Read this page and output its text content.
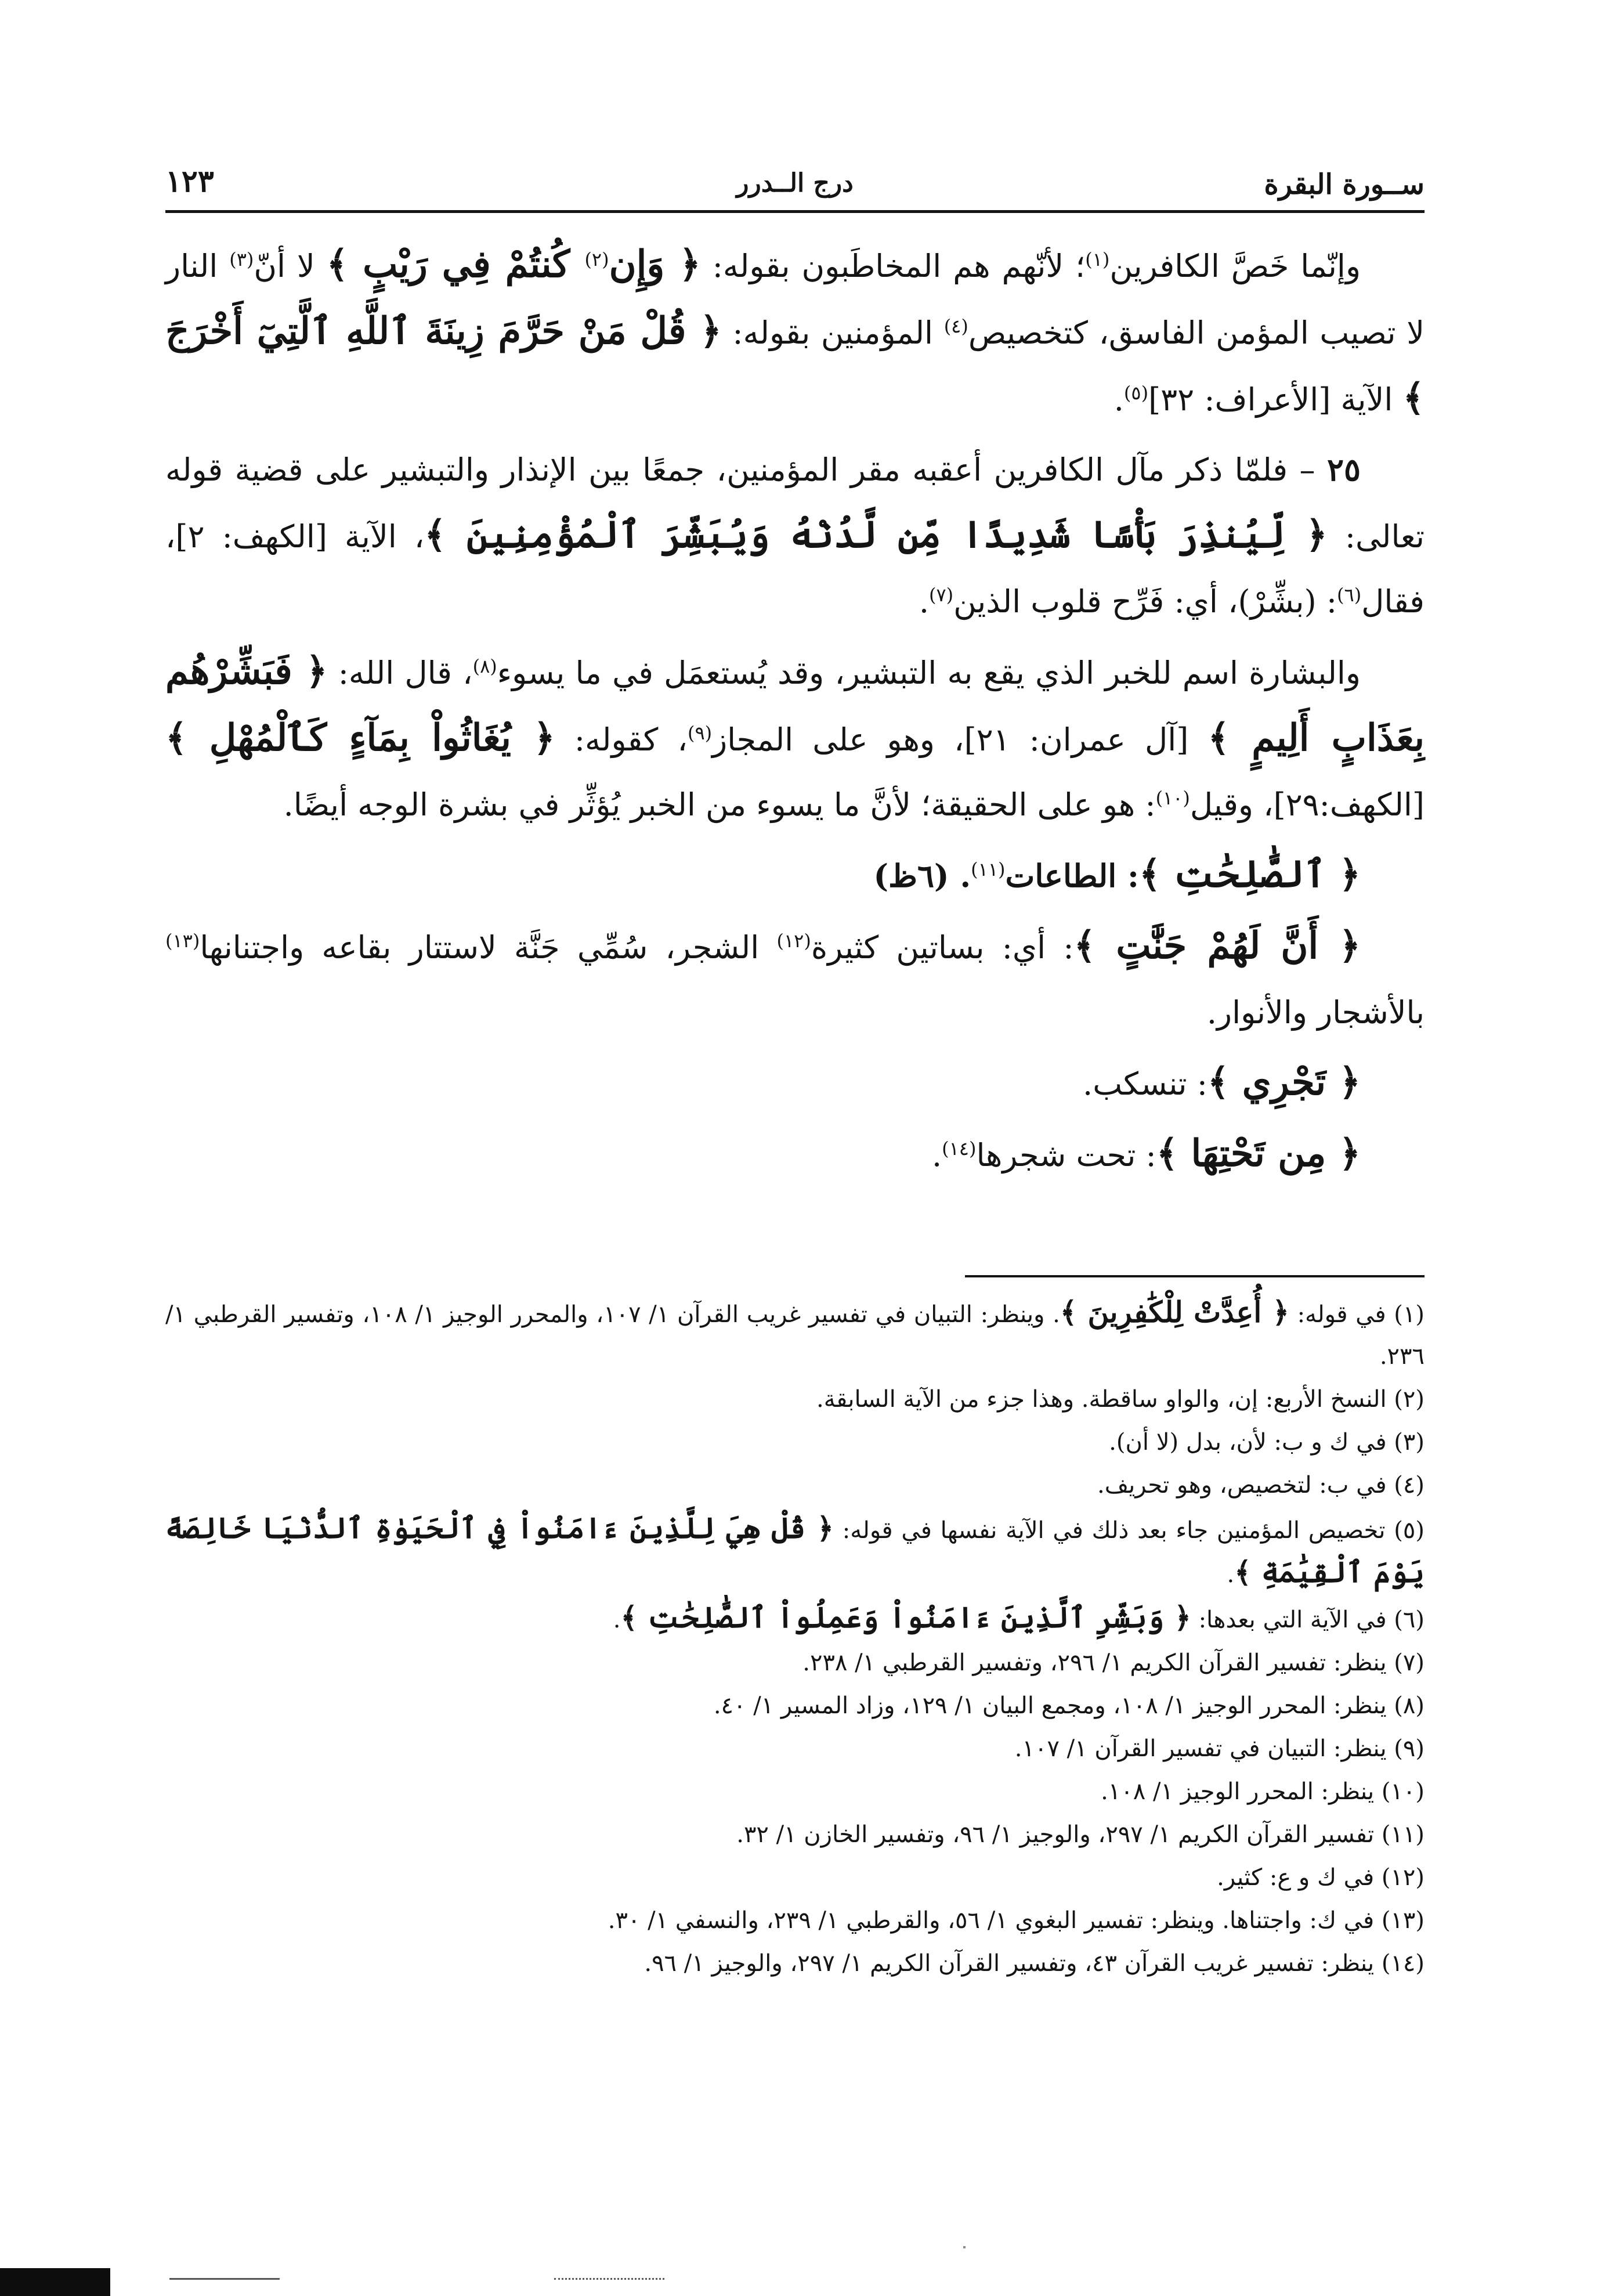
ســورة البقرة
درج الــدرر
١٢٣

وإنّما خَصَّ الكافرين$^{(١)}$؛ لأنّهم هم المخاطَبون بقوله: ﴿ وَإِن$^{(٢)}$ كُنتُمْ فِي رَيْبٍ ﴾ لا أنّ$^{(٣)}$ النار لا تصيب المؤمن الفاسق، كتخصيص$^{(٤)}$ المؤمنين بقوله: ﴿ قُلْ مَنْ حَرَّمَ زِينَةَ ٱللَّهِ ٱلَّتِيٓ أَخْرَجَ ﴾ الآية [الأعراف: ٣٢]$^{(٥)}$.

٢٥ – فلمّا ذكر مآل الكافرين أعقبه مقر المؤمنين، جمعًا بين الإنذار والتبشير على قضية قوله تعالى: ﴿ لِّيُنذِرَ بَأْسًا شَدِيدًا مِّن لَّدُنْهُ وَيُبَشِّرَ ٱلْمُؤْمِنِينَ ﴾، الآية [الكهف: ٢]، فقال$^{(٦)}$: (بشِّرْ)، أي: فَرِّح قلوب الذين$^{(٧)}$.

والبشارة اسم للخبر الذي يقع به التبشير، وقد يُستعمَل في ما يسوء$^{(٨)}$، قال الله: ﴿ فَبَشِّرْهُم بِعَذَابٍ أَلِيمٍ ﴾ [آل عمران: ٢١]، وهو على المجاز$^{(٩)}$، كقوله: ﴿ يُغَاثُواْ بِمَآءٍ كَٱلْمُهْلِ ﴾ [الكهف:٢٩]، وقيل$^{(١٠)}$: هو على الحقيقة؛ لأنَّ ما يسوء من الخبر يُؤثِّر في بشرة الوجه أيضًا.

﴿ ٱلصَّٰلِحَٰتِ ﴾: الطاعات$^{(١١)}$. (٦ظ)

﴿ أَنَّ لَهُمْ جَنَّٰتٍ ﴾: أي: بساتين كثيرة$^{(١٢)}$ الشجر، سُمِّي جَنَّة لاستتار بقاعه واجتنانها$^{(١٣)}$ بالأشجار والأنوار.

﴿ تَجْرِي ﴾: تنسكب.

﴿ مِن تَحْتِهَا ﴾: تحت شجرها$^{(١٤)}$.

(١) في قوله: ﴿ أُعِدَّتْ لِلْكَٰفِرِينَ ﴾. وينظر: التبيان في تفسير غريب القرآن ١/ ١٠٧، والمحرر الوجيز ١/ ١٠٨، وتفسير القرطبي ١/ ٢٣٦.

(٢) النسخ الأربع: إن، والواو ساقطة. وهذا جزء من الآية السابقة.

(٣) في ك و ب: لأن، بدل (لا أن).

(٤) في ب: لتخصيص، وهو تحريف.

(٥) تخصيص المؤمنين جاء بعد ذلك في الآية نفسها في قوله: ﴿ قُلْ هِيَ لِلَّذِينَ ءَامَنُواْ فِي ٱلْحَيَوٰةِ ٱلدُّنْيَا خَالِصَةً يَوْمَ ٱلْقِيَٰمَةِ ﴾.

(٦) في الآية التي بعدها: ﴿ وَبَشِّرِ ٱلَّذِينَ ءَامَنُواْ وَعَمِلُواْ ٱلصَّٰلِحَٰتِ ﴾.

(٧) ينظر: تفسير القرآن الكريم ١/ ٢٩٦، وتفسير القرطبي ١/ ٢٣٨.

(٨) ينظر: المحرر الوجيز ١/ ١٠٨، ومجمع البيان ١/ ١٢٩، وزاد المسير ١/ ٤٠.

(٩) ينظر: التبيان في تفسير القرآن ١/ ١٠٧.

(١٠) ينظر: المحرر الوجيز ١/ ١٠٨.

(١١) تفسير القرآن الكريم ١/ ٢٩٧، والوجيز ١/ ٩٦، وتفسير الخازن ١/ ٣٢.

(١٢) في ك و ع: كثير.

(١٣) في ك: واجتناها. وينظر: تفسير البغوي ١/ ٥٦، والقرطبي ١/ ٢٣٩، والنسفي ١/ ٣٠.

(١٤) ينظر: تفسير غريب القرآن ٤٣، وتفسير القرآن الكريم ١/ ٢٩٧، والوجيز ١/ ٩٦.
